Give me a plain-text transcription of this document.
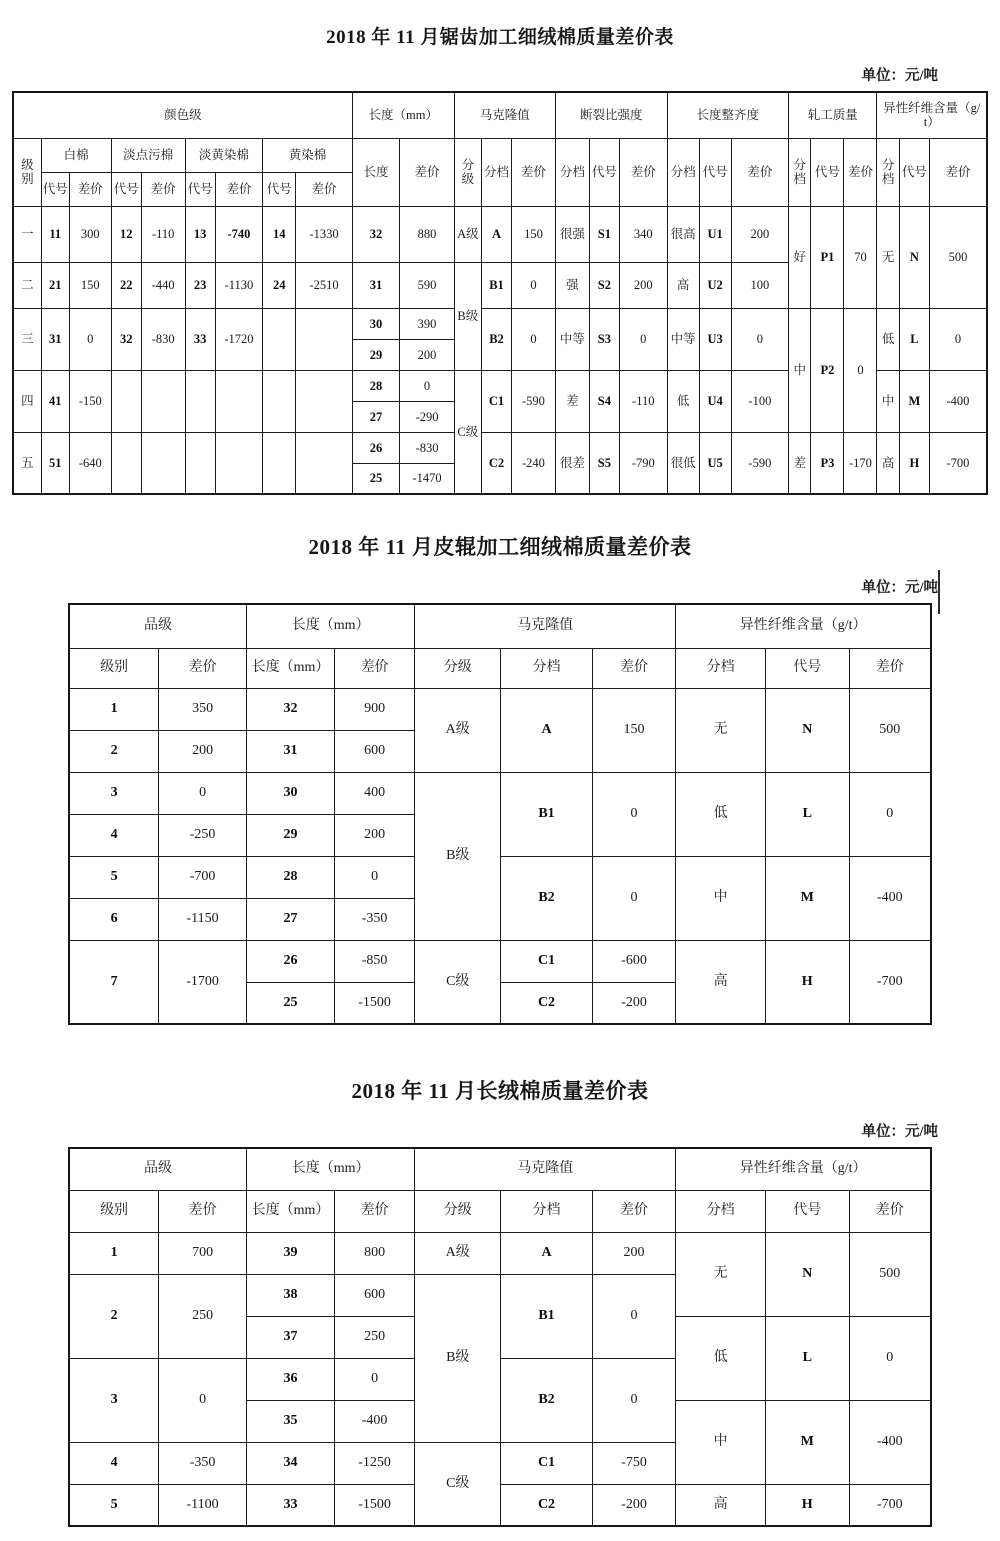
2018 年 11 月锯齿加工细绒棉质量差价表
单位：元/吨
颜色级									长度（mm）		马克隆值			断裂比强度			长度整齐度			轧工质量			异性纤维含量（g/t）		
级别	白棉		淡点污棉		淡黄染棉		黄染棉		长度	差价	分级	分档	差价	分档	代号	差价	分档	代号	差价	分档	代号	差价	分档	代号	差价
	代号	差价	代号	差价	代号	差价	代号	差价																	
一	11	300	12	-110	13	-740	14	-1330	32	880	A级	A	150	很强	S1	340	很高	U1	200	好	P1	70	无	N	500
二	21	150	22	-440	23	-1130	24	-2510	31	590	B级	B1	0	强	S2	200	高	U2	100						
三	31	0	32	-830	33	-1720			30	390		B2	0	中等	S3	0	中等	U3	0	中	P2	0	低	L	0
									29	200															
四	41	-150							28	0	C级	C1	-590	差	S4	-110	低	U4	-100				中	M	-400
									27	-290															
五	51	-640							26	-830		C2	-240	很差	S5	-790	很低	U5	-590	差	P3	-170	高	H	-700
									25	-1470															
2018 年 11 月皮辊加工细绒棉质量差价表
单位：元/吨
品级		长度（mm）		马克隆值			异性纤维含量（g/t）		
级别	差价	长度（mm）	差价	分级	分档	差价	分档	代号	差价
1	350	32	900	A级	A	150	无	N	500
2	200	31	600						
3	0	30	400	B级	B1	0	低	L	0
4	-250	29	200						
5	-700	28	0		B2	0	中	M	-400
6	-1150	27	-350						
7	-1700	26	-850	C级	C1	-600	高	H	-700
		25	-1500		C2	-200			
2018 年 11 月长绒棉质量差价表
单位：元/吨
品级		长度（mm）		马克隆值			异性纤维含量（g/t）		
级别	差价	长度（mm）	差价	分级	分档	差价	分档	代号	差价
1	700	39	800	A级	A	200	无	N	500
2	250	38	600	B级	B1	0			
		37	250				低	L	0
3	0	36	0		B2	0			
		35	-400				中	M	-400
4	-350	34	-1250	C级	C1	-750			
5	-1100	33	-1500		C2	-200	高	H	-700
